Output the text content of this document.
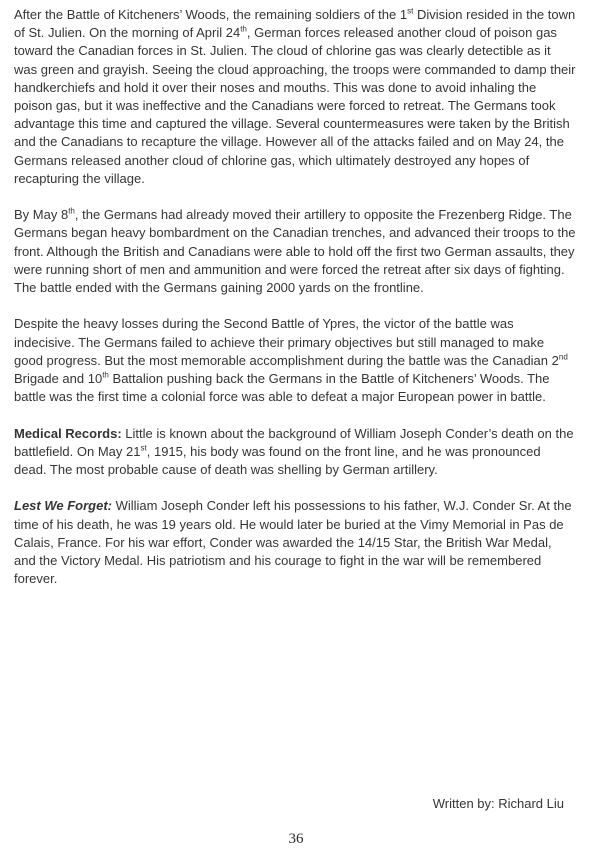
After the Battle of Kitcheners’ Woods, the remaining soldiers of the 1st Division resided in the town of St. Julien. On the morning of April 24th, German forces released another cloud of poison gas toward the Canadian forces in St. Julien. The cloud of chlorine gas was clearly detectible as it was green and grayish. Seeing the cloud approaching, the troops were commanded to damp their handkerchiefs and hold it over their noses and mouths. This was done to avoid inhaling the poison gas, but it was ineffective and the Canadians were forced to retreat. The Germans took advantage this time and captured the village. Several countermeasures were taken by the British and the Canadians to recapture the village. However all of the attacks failed and on May 24, the Germans released another cloud of chlorine gas, which ultimately destroyed any hopes of recapturing the village.

By May 8th, the Germans had already moved their artillery to opposite the Frezenberg Ridge. The Germans began heavy bombardment on the Canadian trenches, and advanced their troops to the front. Although the British and Canadians were able to hold off the first two German assaults, they were running short of men and ammunition and were forced the retreat after six days of fighting. The battle ended with the Germans gaining 2000 yards on the frontline.

Despite the heavy losses during the Second Battle of Ypres, the victor of the battle was indecisive. The Germans failed to achieve their primary objectives but still managed to make good progress. But the most memorable accomplishment during the battle was the Canadian 2nd Brigade and 10th Battalion pushing back the Germans in the Battle of Kitcheners’ Woods. The battle was the first time a colonial force was able to defeat a major European power in battle.

Medical Records: Little is known about the background of William Joseph Conder’s death on the battlefield. On May 21st, 1915, his body was found on the front line, and he was pronounced dead. The most probable cause of death was shelling by German artillery.

Lest We Forget: William Joseph Conder left his possessions to his father, W.J. Conder Sr. At the time of his death, he was 19 years old. He would later be buried at the Vimy Memorial in Pas de Calais, France. For his war effort, Conder was awarded the 14/15 Star, the British War Medal, and the Victory Medal. His patriotism and his courage to fight in the war will be remembered forever.

Written by: Richard Liu
36
